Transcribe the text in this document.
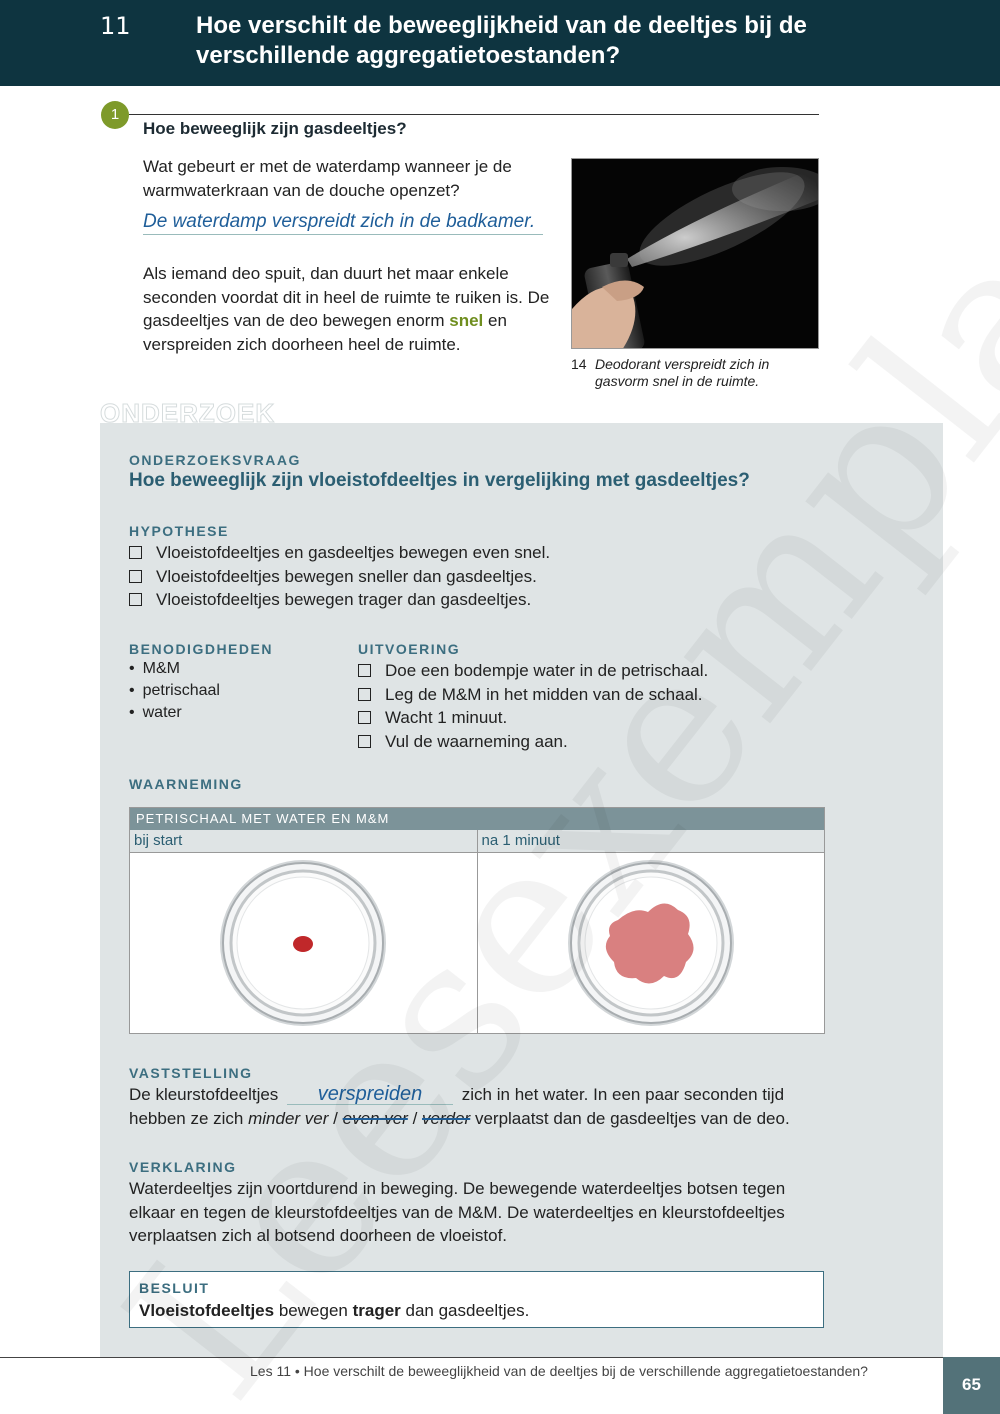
11	Hoe verschilt de beweeglijkheid van de deeltjes bij de verschillende aggregatietoestanden?
1
Hoe beweeglijk zijn gasdeeltjes?
Wat gebeurt er met de waterdamp wanneer je de warmwaterkraan van de douche openzet?
De waterdamp verspreidt zich in de badkamer.
Als iemand deo spuit, dan duurt het maar enkele seconden voordat dit in heel de ruimte te ruiken is. De gasdeeltjes van de deo bewegen enorm snel en verspreiden zich doorheen heel de ruimte.
14 Deodorant verspreidt zich in gasvorm snel in de ruimte.
ONDERZOEK
ONDERZOEKSVRAAG
Hoe beweeglijk zijn vloeistofdeeltjes in vergelijking met gasdeeltjes?
HYPOTHESE
Vloeistofdeeltjes en gasdeeltjes bewegen even snel.
Vloeistofdeeltjes bewegen sneller dan gasdeeltjes.
Vloeistofdeeltjes bewegen trager dan gasdeeltjes.
BENODIGDHEDEN
• M&M
• petrischaal
• water
UITVOERING
Doe een bodempje water in de petrischaal.
Leg de M&M in het midden van de schaal.
Wacht 1 minuut.
Vul de waarneming aan.
WAARNEMING
PETRISCHAAL MET WATER EN M&M
bij start	na 1 minuut
VASTSTELLING
De kleurstofdeeltjes verspreiden zich in het water. In een paar seconden tijd hebben ze zich minder ver / even ver / verder verplaatst dan de gasdeeltjes van de deo.
VERKLARING
Waterdeeltjes zijn voortdurend in beweging. De bewegende waterdeeltjes botsen tegen elkaar en tegen de kleurstofdeeltjes van de M&M. De waterdeeltjes en kleurstofdeeltjes verplaatsen zich al botsend doorheen de vloeistof.
BESLUIT
Vloeistofdeeltjes bewegen trager dan gasdeeltjes.
Les 11 • Hoe verschilt de beweeglijkheid van de deeltjes bij de verschillende aggregatietoestanden?
65
